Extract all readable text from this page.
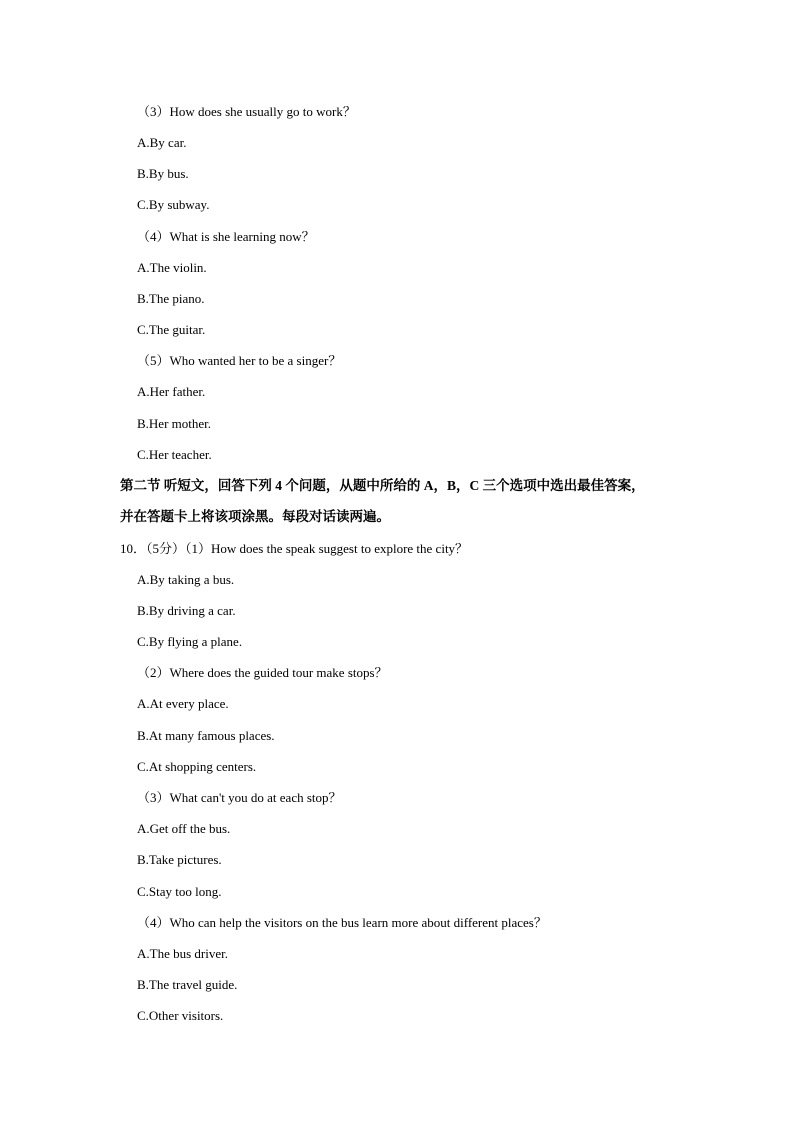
（3）How does she usually go to work？
A.By car.
B.By bus.
C.By subway.
（4）What is she learning now？
A.The violin.
B.The piano.
C.The guitar.
（5）Who wanted her to be a singer？
A.Her father.
B.Her mother.
C.Her teacher.
第二节 听短文，回答下列 4 个问题，从题中所给的 A，B，C 三个选项中选出最佳答案，
并在答题卡上将该项涂黑。每段对话读两遍。
10．（5分）（1）How does the speak suggest to explore the city？
A.By taking a bus.
B.By driving a car.
C.By flying a plane.
（2）Where does the guided tour make stops？
A.At every place.
B.At many famous places.
C.At shopping centers.
（3）What can't you do at each stop？
A.Get off the bus.
B.Take pictures.
C.Stay too long.
（4）Who can help the visitors on the bus learn more about different places？
A.The bus driver.
B.The travel guide.
C.Other visitors.
